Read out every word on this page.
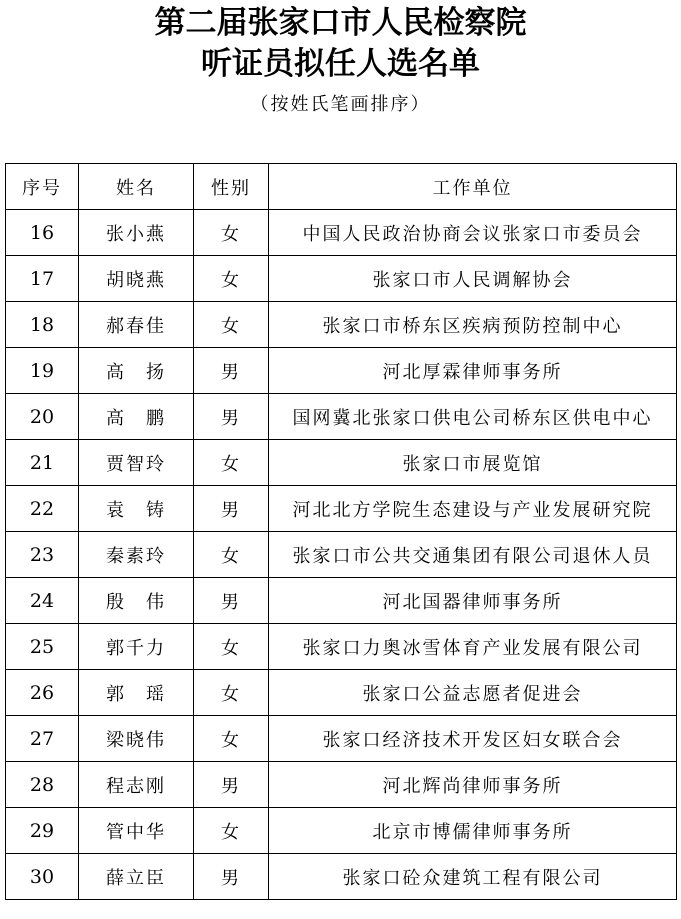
第二届张家口市人民检察院
听证员拟任人选名单
（按姓氏笔画排序）
序号	姓名	性别	工作单位
16	张小燕	女	中国人民政治协商会议张家口市委员会
17	胡晓燕	女	张家口市人民调解协会
18	郝春佳	女	张家口市桥东区疾病预防控制中心
19	高　扬	男	河北厚霖律师事务所
20	高　鹏	男	国网冀北张家口供电公司桥东区供电中心
21	贾智玲	女	张家口市展览馆
22	袁　铸	男	河北北方学院生态建设与产业发展研究院
23	秦素玲	女	张家口市公共交通集团有限公司退休人员
24	殷　伟	男	河北国器律师事务所
25	郭千力	女	张家口力奥冰雪体育产业发展有限公司
26	郭　瑶	女	张家口公益志愿者促进会
27	梁晓伟	女	张家口经济技术开发区妇女联合会
28	程志刚	男	河北辉尚律师事务所
29	管中华	女	北京市博儒律师事务所
30	薛立臣	男	张家口砼众建筑工程有限公司
